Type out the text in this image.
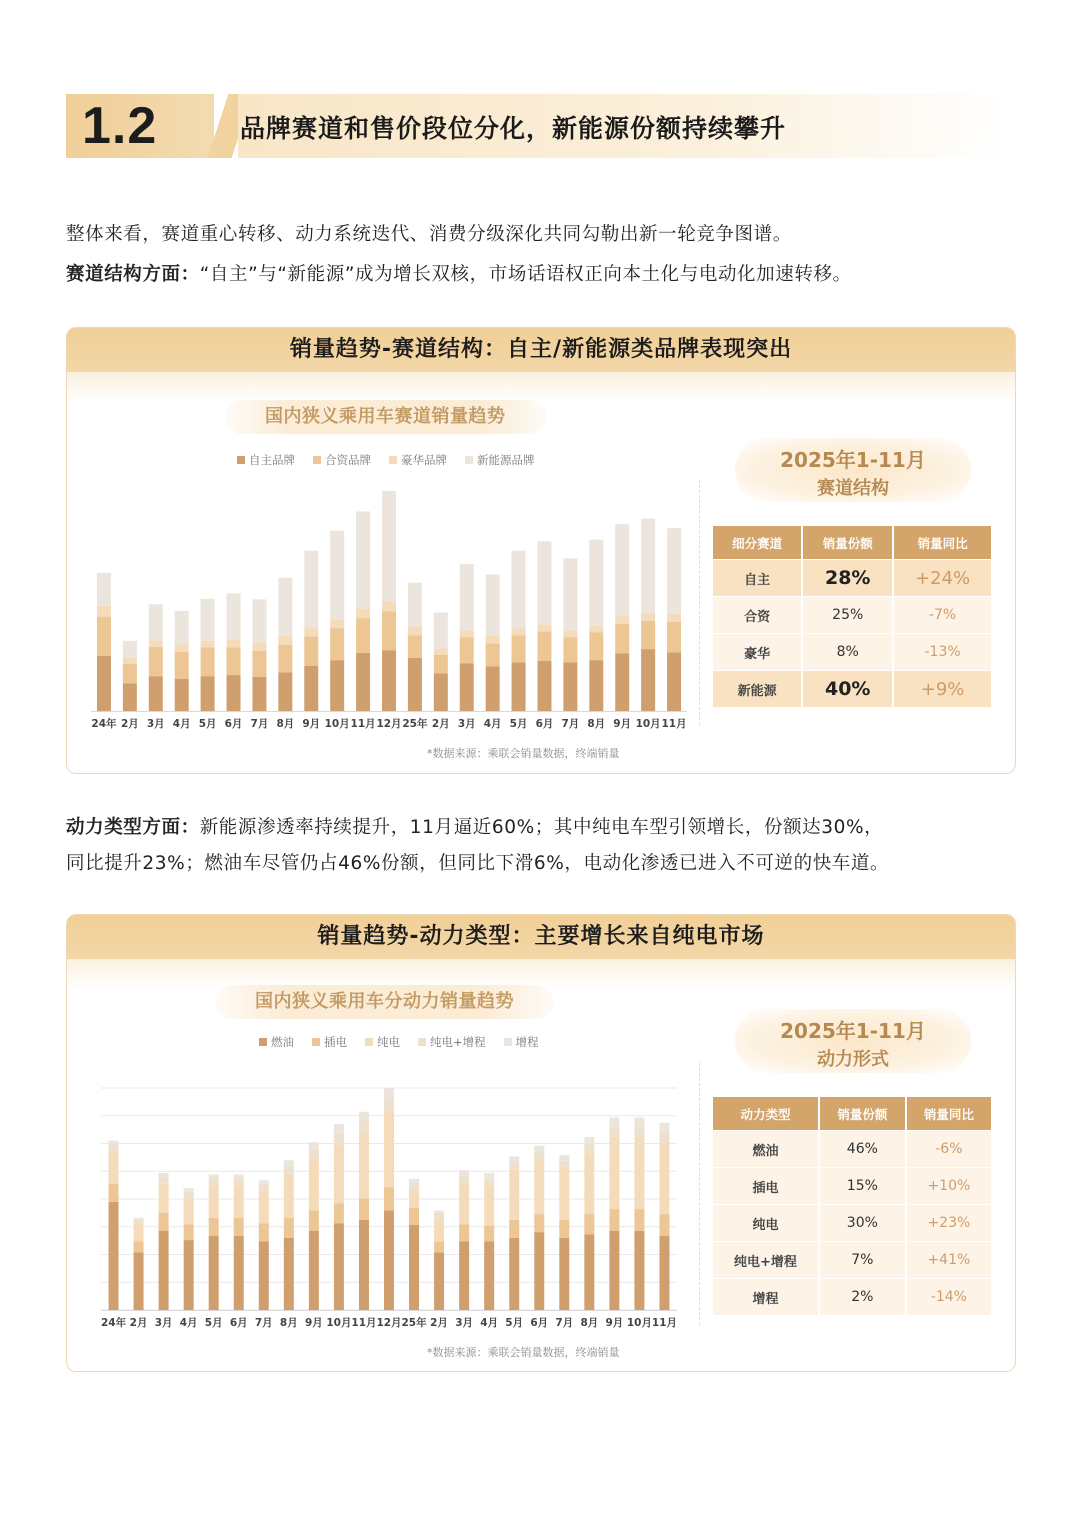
1.2	品牌赛道和售价段位分化，新能源份额持续攀升
整体来看，赛道重心转移、动力系统迭代、消费分级深化共同勾勒出新一轮竞争图谱。
赛道结构方面：“自主”与“新能源”成为增长双核，市场话语权正向本土化与电动化加速转移。
销量趋势-赛道结构：自主/新能源类品牌表现突出
国内狭义乘用车赛道销量趋势
自主品牌	合资品牌	豪华品牌	新能源品牌
24年 2月 3月 4月 5月 6月 7月 8月 9月 10月 11月 12月 25年 2月 3月 4月 5月 6月 7月 8月 9月 10月 11月
*数据来源：乘联会销量数据，终端销量
2025年1-11月
赛道结构
细分赛道	销量份额	销量同比
自主	28%	+24%
合资	25%	-7%
豪华	8%	-13%
新能源	40%	+9%
动力类型方面：新能源渗透率持续提升，11月逼近60%；其中纯电车型引领增长，份额达30%，
同比提升23%；燃油车尽管仍占46%份额，但同比下滑6%，电动化渗透已进入不可逆的快车道。
销量趋势-动力类型：主要增长来自纯电市场
国内狭义乘用车分动力销量趋势
燃油	插电	纯电	纯电+增程	增程
24年 2月 3月 4月 5月 6月 7月 8月 9月 10月 11月 12月 25年 2月 3月 4月 5月 6月 7月 8月 9月 10月 11月
*数据来源：乘联会销量数据，终端销量
2025年1-11月
动力形式
动力类型	销量份额	销量同比
燃油	46%	-6%
插电	15%	+10%
纯电	30%	+23%
纯电+增程	7%	+41%
增程	2%	-14%
